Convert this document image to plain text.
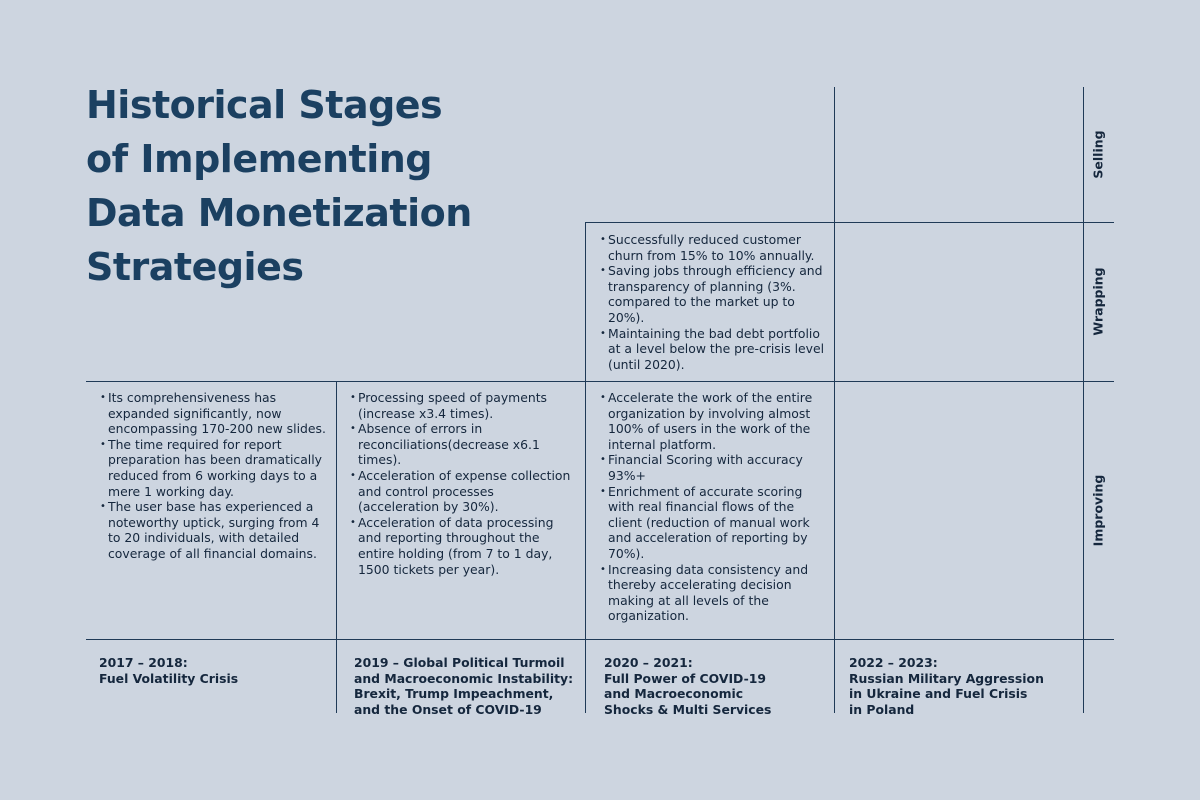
Historical Stages
of Implementing
Data Monetization
Strategies
Selling
Wrapping
Improving
• Successfully reduced customer churn from 15% to 10% annually.
• Saving jobs through efficiency and transparency of planning (3%. compared to the market up to 20%).
• Maintaining the bad debt portfolio at a level below the pre-crisis level (until 2020).
• Its comprehensiveness has expanded significantly, now encompassing 170-200 new slides.
• The time required for report preparation has been dramatically reduced from 6 working days to a mere 1 working day.
• The user base has experienced a noteworthy uptick, surging from 4 to 20 individuals, with detailed coverage of all financial domains.
• Processing speed of payments (increase x3.4 times).
• Absence of errors in reconciliations(decrease x6.1 times).
• Acceleration of expense collection and control processes (acceleration by 30%).
• Acceleration of data processing and reporting throughout the entire holding (from 7 to 1 day, 1500 tickets per year).
• Accelerate the work of the entire organization by involving almost 100% of users in the work of the internal platform.
• Financial Scoring with accuracy 93%+
• Enrichment of accurate scoring with real financial flows of the client (reduction of manual work and acceleration of reporting by 70%).
• Increasing data consistency and thereby accelerating decision making at all levels of the organization.
2017 – 2018:
Fuel Volatility Crisis
2019 – Global Political Turmoil
and Macroeconomic Instability:
Brexit, Trump Impeachment,
and the Onset of COVID-19
2020 – 2021:
Full Power of COVID-19
and Macroeconomic
Shocks & Multi Services
2022 – 2023:
Russian Military Aggression
in Ukraine and Fuel Crisis
in Poland
